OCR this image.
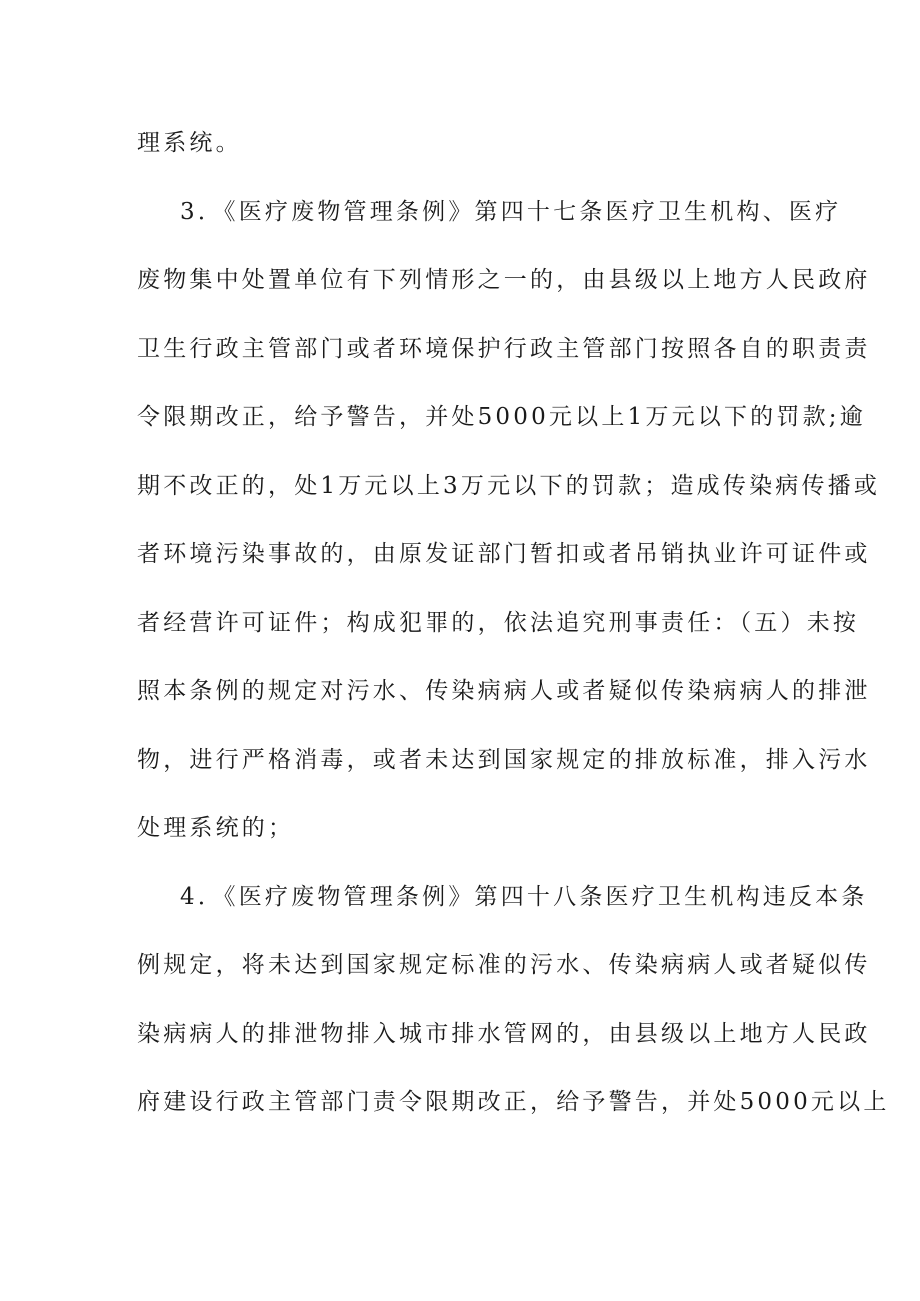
理系统。
3．《医疗废物管理条例》第四十七条医疗卫生机构、医疗
废物集中处置单位有下列情形之一的，由县级以上地方人民政府
卫生行政主管部门或者环境保护行政主管部门按照各自的职责责
令限期改正，给予警告，并处5000元以上1万元以下的罚款;逾
期不改正的，处1万元以上3万元以下的罚款；造成传染病传播或
者环境污染事故的，由原发证部门暂扣或者吊销执业许可证件或
者经营许可证件；构成犯罪的，依法追究刑事责任：（五）未按
照本条例的规定对污水、传染病病人或者疑似传染病病人的排泄
物，进行严格消毒，或者未达到国家规定的排放标准，排入污水
处理系统的；
4．《医疗废物管理条例》第四十八条医疗卫生机构违反本条
例规定，将未达到国家规定标准的污水、传染病病人或者疑似传
染病病人的排泄物排入城市排水管网的，由县级以上地方人民政
府建设行政主管部门责令限期改正，给予警告，并处5000元以上
